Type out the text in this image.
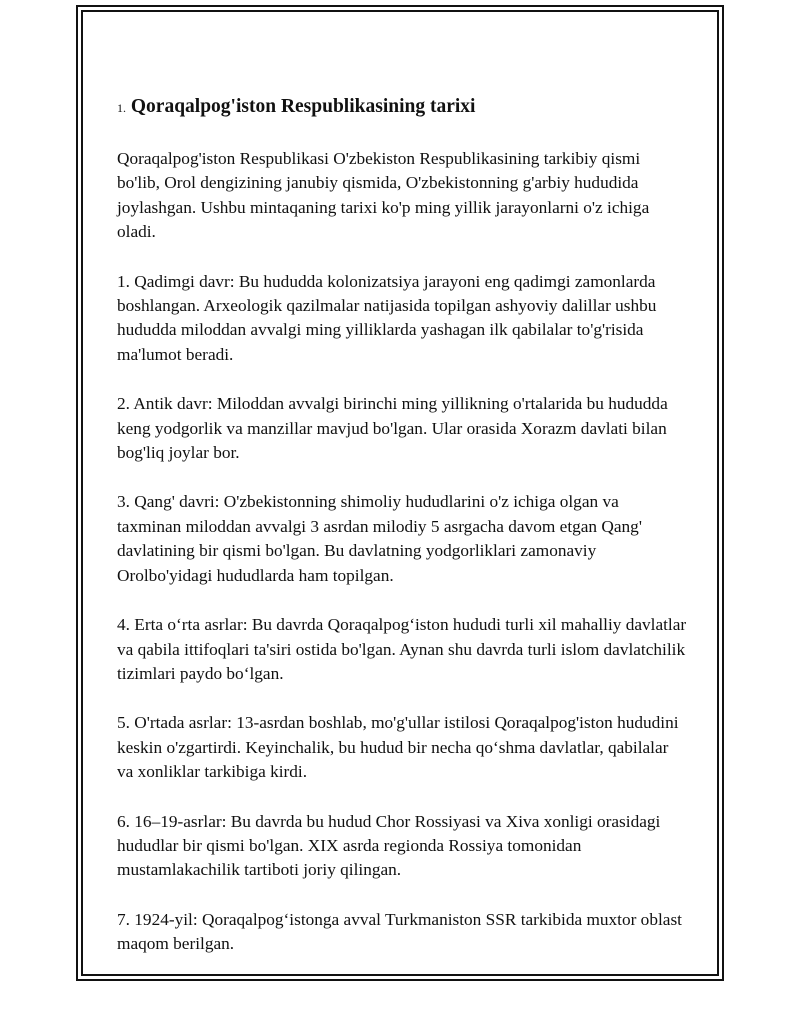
1. Qoraqalpog'iston Respublikasining tarixi

Qoraqalpog'iston Respublikasi O'zbekiston Respublikasining tarkibiy qismi bo'lib, Orol dengizining janubiy qismida, O'zbekistonning g'arbiy hududida joylashgan. Ushbu mintaqaning tarixi ko'p ming yillik jarayonlarni o'z ichiga oladi.

1. Qadimgi davr: Bu hududda kolonizatsiya jarayoni eng qadimgi zamonlarda boshlangan. Arxeologik qazilmalar natijasida topilgan ashyoviy dalillar ushbu hududda miloddan avvalgi ming yilliklarda yashagan ilk qabilalar to'g'risida ma'lumot beradi.

2. Antik davr: Miloddan avvalgi birinchi ming yillikning o'rtalarida bu hududda keng yodgorlik va manzillar mavjud bo'lgan. Ular orasida Xorazm davlati bilan bog'liq joylar bor.

3. Qang' davri: O'zbekistonning shimoliy hududlarini o'z ichiga olgan va taxminan miloddan avvalgi 3 asrdan milodiy 5 asrgacha davom etgan Qang' davlatining bir qismi bo'lgan. Bu davlatning yodgorliklari zamonaviy Orolbo'yidagi hududlarda ham topilgan.

4. Erta o‘rta asrlar: Bu davrda Qoraqalpog‘iston hududi turli xil mahalliy davlatlar va qabila ittifoqlari ta'siri ostida bo'lgan. Aynan shu davrda turli islom davlatchilik tizimlari paydo bo‘lgan.

5. O'rtada asrlar: 13-asrdan boshlab, mo'g'ullar istilosi Qoraqalpog'iston hududini keskin o'zgartirdi. Keyinchalik, bu hudud bir necha qo‘shma davlatlar, qabilalar va xonliklar tarkibiga kirdi.

6. 16–19-asrlar: Bu davrda bu hudud Chor Rossiyasi va Xiva xonligi orasidagi hududlar bir qismi bo'lgan. XIX asrda regionda Rossiya tomonidan mustamlakachilik tartiboti joriy qilingan.

7. 1924-yil: Qoraqalpog‘istonga avval Turkmaniston SSR tarkibida muxtor oblast maqom berilgan.
